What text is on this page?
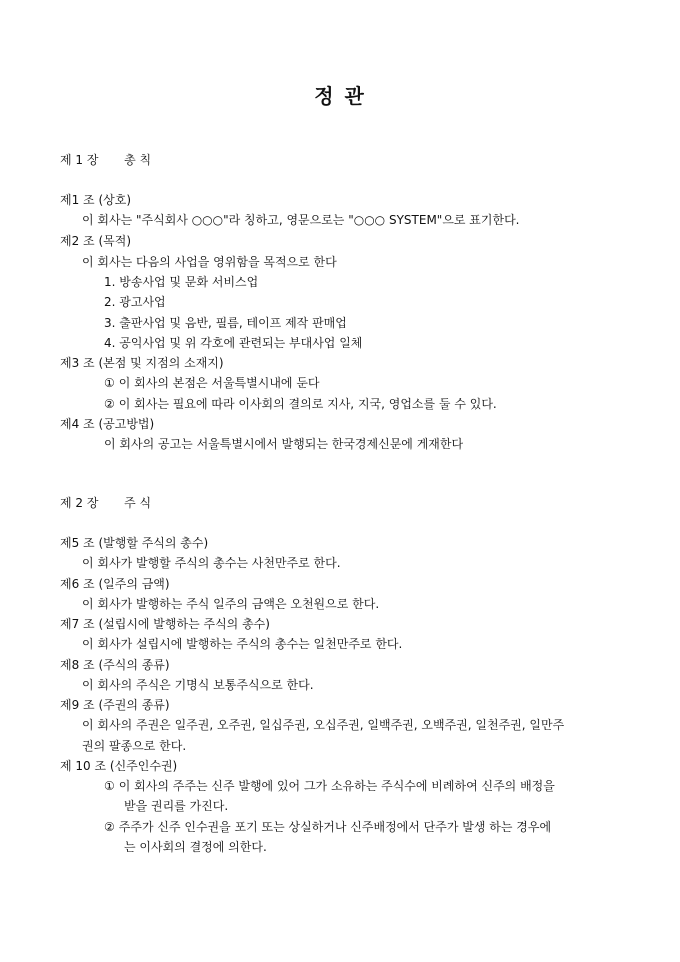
정 관
제 1 장 총 칙
제1 조 (상호)
이 회사는 "주식회사 ○○○"라 칭하고, 영문으로는 "○○○ SYSTEM"으로 표기한다.
제2 조 (목적)
이 회사는 다음의 사업을 영위함을 목적으로 한다
1. 방송사업 및 문화 서비스업
2. 광고사업
3. 출판사업 및 음반, 필름, 테이프 제작 판매업
4. 공익사업 및 위 각호에 관련되는 부대사업 일체
제3 조 (본점 및 지점의 소재지)
① 이 회사의 본점은 서울특별시내에 둔다
② 이 회사는 필요에 따라 이사회의 결의로 지사, 지국, 영업소를 둘 수 있다.
제4 조 (공고방법)
이 회사의 공고는 서울특별시에서 발행되는 한국경제신문에 게재한다
제 2 장 주 식
제5 조 (발행할 주식의 총수)
이 회사가 발행할 주식의 총수는 사천만주로 한다.
제6 조 (일주의 금액)
이 회사가 발행하는 주식 일주의 금액은 오천원으로 한다.
제7 조 (설립시에 발행하는 주식의 총수)
이 회사가 설립시에 발행하는 주식의 총수는 일천만주로 한다.
제8 조 (주식의 종류)
이 회사의 주식은 기명식 보통주식으로 한다.
제9 조 (주권의 종류)
이 회사의 주권은 일주권, 오주권, 일십주권, 오십주권, 일백주권, 오백주권, 일천주권, 일만주
권의 팔종으로 한다.
제 10 조 (신주인수권)
① 이 회사의 주주는 신주 발행에 있어 그가 소유하는 주식수에 비례하여 신주의 배정을
받을 권리를 가진다.
② 주주가 신주 인수권을 포기 또는 상실하거나 신주배정에서 단주가 발생 하는 경우에
는 이사회의 결정에 의한다.
